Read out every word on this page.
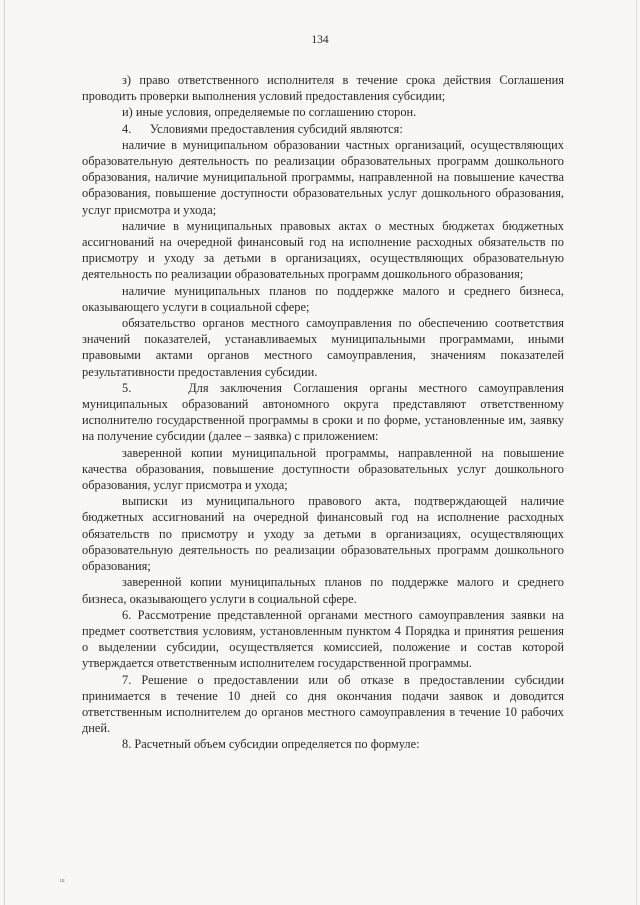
134

з) право ответственного исполнителя в течение срока действия Соглашения проводить проверки выполнения условий предоставления субсидии;

и) иные условия, определяемые по соглашению сторон.

4.      Условиями предоставления субсидий являются:

наличие в муниципальном образовании частных организаций, осуществляющих образовательную деятельность по реализации образовательных программ дошкольного образования, наличие муниципальной программы, направленной на повышение качества образования, повышение доступности образовательных услуг дошкольного образования, услуг присмотра и ухода;

наличие в муниципальных правовых актах о местных бюджетах бюджетных ассигнований на очередной финансовый год на исполнение расходных обязательств по присмотру и уходу за детьми в организациях, осуществляющих образовательную деятельность по реализации образовательных программ дошкольного образования;

наличие муниципальных планов по поддержке малого и среднего бизнеса, оказывающего услуги в социальной сфере;

обязательство органов местного самоуправления по обеспечению соответствия значений показателей, устанавливаемых муниципальными программами, иными правовыми актами органов местного самоуправления, значениям показателей результативности предоставления субсидии.

5.     Для заключения Соглашения органы местного самоуправления муниципальных образований автономного округа представляют ответственному исполнителю государственной программы в сроки и по форме, установленные им, заявку на получение субсидии (далее – заявка) с приложением:

заверенной копии муниципальной программы, направленной на повышение качества образования, повышение доступности образовательных услуг дошкольного образования, услуг присмотра и ухода;

выписки из муниципального правового акта, подтверждающей наличие бюджетных ассигнований на очередной финансовый год на исполнение расходных обязательств по присмотру и уходу за детьми в организациях, осуществляющих образовательную деятельность по реализации образовательных программ дошкольного образования;

заверенной копии муниципальных планов по поддержке малого и среднего бизнеса, оказывающего услуги в социальной сфере.

6. Рассмотрение представленной органами местного самоуправления заявки на предмет соответствия условиям, установленным пунктом 4 Порядка и принятия решения о выделении субсидии, осуществляется комиссией, положение и состав которой утверждается ответственным исполнителем государственной программы.

7. Решение о предоставлении или об отказе в предоставлении субсидии принимается в течение 10 дней со дня окончания подачи заявок и доводится ответственным исполнителем до органов местного самоуправления в течение 10 рабочих дней.

8. Расчетный объем субсидии определяется по формуле:

ш
